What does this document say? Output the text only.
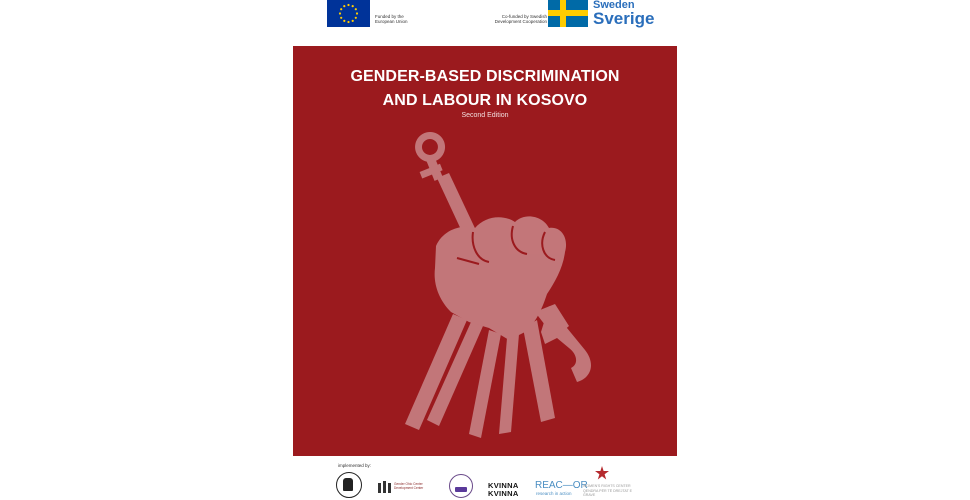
Funded by the European Union
Co-funded by Swedish Development Cooperation
Sweden
Sverige
GENDER-BASED DISCRIMINATION
AND LABOUR IN KOSOVO
Second Edition
implemented by:
Gender Ohio Center Development Center	KVINNA
KVINNA
REAC—OR
research in action
WOMEN'S RIGHTS CENTER
QENDRA PËR TË DREJTAT E GRAVE
